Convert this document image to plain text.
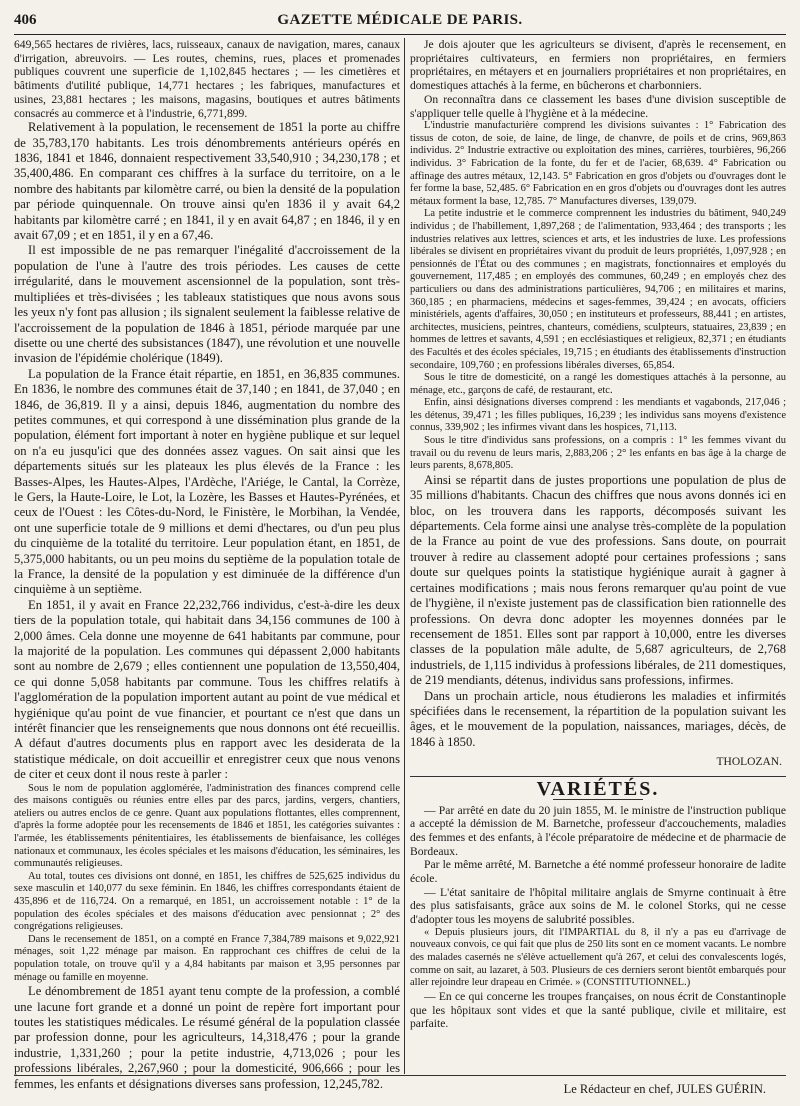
406	GAZETTE MÉDICALE DE PARIS.

649,565 hectares de rivières, lacs, ruisseaux, canaux de navigation, mares, canaux d'irrigation, abreuvoirs. — Les routes, chemins, rues, places et promenades publiques couvrent une superficie de 1,102,845 hectares ; — les cimetières et bâtiments d'utilité publique, 14,771 hectares ; les fabriques, manufactures et usines, 23,881 hectares ; les maisons, magasins, boutiques et autres bâtiments consacrés au commerce et à l'industrie, 6,771,899.

Relativement à la population, le recensement de 1851 la porte au chiffre de 35,783,170 habitants. Les trois dénombrements antérieurs opérés en 1836, 1841 et 1846, donnaient respectivement 33,540,910 ; 34,230,178 ; et 35,400,486. En comparant ces chiffres à la surface du territoire, on a le nombre des habitants par kilomètre carré, ou bien la densité de la population par période quinquennale. On trouve ainsi qu'en 1836 il y avait 64,2 habitants par kilomètre carré ; en 1841, il y en avait 64,87 ; en 1846, il y en avait 67,09 ; et en 1851, il y en a 67,46.

Il est impossible de ne pas remarquer l'inégalité d'accroissement de la population de l'une à l'autre des trois périodes. Les causes de cette irrégularité, dans le mouvement ascensionnel de la population, sont très-multipliées et très-divisées ; les tableaux statistiques que nous avons sous les yeux n'y font pas allusion ; ils signalent seulement la faiblesse relative de l'accroissement de la population de 1846 à 1851, période marquée par une disette ou une cherté des subsistances (1847), une révolution et une nouvelle invasion de l'épidémie cholérique (1849).

La population de la France était répartie, en 1851, en 36,835 communes. En 1836, le nombre des communes était de 37,140 ; en 1841, de 37,040 ; en 1846, de 36,819. Il y a ainsi, depuis 1846, augmentation du nombre des petites communes, et qui correspond à une dissémination plus grande de la population, élément fort important à noter en hygiène publique et sur lequel on n'a eu jusqu'ici que des données assez vagues. On sait ainsi que les départements situés sur les plateaux les plus élevés de la France : les Basses-Alpes, les Hautes-Alpes, l'Ardèche, l'Ariége, le Cantal, la Corrèze, le Gers, la Haute-Loire, le Lot, la Lozère, les Basses et Hautes-Pyrénées, et ceux de l'Ouest : les Côtes-du-Nord, le Finistère, le Morbihan, la Vendée, ont une superficie totale de 9 millions et demi d'hectares, ou d'un peu plus du cinquième de la totalité du territoire. Leur population étant, en 1851, de 5,375,000 habitants, ou un peu moins du septième de la population totale de la France, la densité de la population y est diminuée de la différence d'un cinquième à un septième.

En 1851, il y avait en France 22,232,766 individus, c'est-à-dire les deux tiers de la population totale, qui habitait dans 34,156 communes de 100 à 2,000 âmes. Cela donne une moyenne de 641 habitants par commune, pour la majorité de la population. Les communes qui dépassent 2,000 habitants sont au nombre de 2,679 ; elles contiennent une population de 13,550,404, ce qui donne 5,058 habitants par commune. Tous les chiffres relatifs à l'agglomération de la population importent autant au point de vue médical et hygiénique qu'au point de vue financier, et pourtant ce n'est que dans un intérêt financier que les renseignements que nous donnons ont été recueillis. A défaut d'autres documents plus en rapport avec les desiderata de la statistique médicale, on doit accueillir et enregistrer ceux que nous venons de citer et ceux dont il nous reste à parler :

Sous le nom de population agglomérée, l'administration des finances comprend celle des maisons contiguës ou réunies entre elles par des parcs, jardins, vergers, chantiers, ateliers ou autres enclos de ce genre. Quant aux populations flottantes, elles comprennent, d'après la forme adoptée pour les recensements de 1846 et 1851, les catégories suivantes : l'armée, les établissements pénitentiaires, les établissements de bienfaisance, les colléges nationaux et communaux, les écoles spéciales et les maisons d'éducation, les séminaires, les communautés religieuses.

Au total, toutes ces divisions ont donné, en 1851, les chiffres de 525,625 individus du sexe masculin et 140,077 du sexe féminin. En 1846, les chiffres correspondants étaient de 435,896 et de 116,724. On a remarqué, en 1851, un accroissement notable : 1° de la population des écoles spéciales et des maisons d'éducation avec pensionnat ; 2° des congrégations religieuses.

Dans le recensement de 1851, on a compté en France 7,384,789 maisons et 9,022,921 ménages, soit 1,22 ménage par maison. En rapprochant ces chiffres de celui de la population totale, on trouve qu'il y a 4,84 habitants par maison et 3,95 personnes par ménage ou famille en moyenne.

Le dénombrement de 1851 ayant tenu compte de la profession, a comblé une lacune fort grande et a donné un point de repère fort important pour toutes les statistiques médicales. Le résumé général de la population classée par profession donne, pour les agriculteurs, 14,318,476 ; pour la grande industrie, 1,331,260 ; pour la petite industrie, 4,713,026 ; pour les professions libérales, 2,267,960 ; pour la domesticité, 906,666 ; pour les femmes, les enfants et désignations diverses sans profession, 12,245,782.

Je dois ajouter que les agriculteurs se divisent, d'après le recensement, en propriétaires cultivateurs, en fermiers non propriétaires, en fermiers propriétaires, en métayers et en journaliers propriétaires et non propriétaires, en domestiques attachés à la ferme, en bûcherons et charbonniers.

On reconnaîtra dans ce classement les bases d'une division susceptible de s'appliquer telle quelle à l'hygiène et à la médecine.

L'industrie manufacturière comprend les divisions suivantes : 1° Fabrication des tissus de coton, de soie, de laine, de linge, de chanvre, de poils et de crins, 969,863 individus. 2° Industrie extractive ou exploitation des mines, carrières, tourbières, 96,266 individus. 3° Fabrication de la fonte, du fer et de l'acier, 68,639. 4° Fabrication ou affinage des autres métaux, 12,143. 5° Fabrication en gros d'objets ou d'ouvrages dont le fer forme la base, 52,485. 6° Fabrication en en gros d'objets ou d'ouvrages dont les autres métaux forment la base, 12,785. 7° Manufactures diverses, 139,079.

La petite industrie et le commerce comprennent les industries du bâtiment, 940,249 individus ; de l'habillement, 1,897,268 ; de l'alimentation, 933,464 ; des transports ; les industries relatives aux lettres, sciences et arts, et les industries de luxe. Les professions libérales se divisent en propriétaires vivant du produit de leurs propriétés, 1,097,928 ; en pensionnés de l'État ou des communes ; en magistrats, fonctionnaires et employés du gouvernement, 117,485 ; en employés des communes, 60,249 ; en employés chez des particuliers ou dans des administrations particulières, 94,706 ; en militaires et marins, 360,185 ; en pharmaciens, médecins et sages-femmes, 39,424 ; en avocats, officiers ministériels, agents d'affaires, 30,050 ; en instituteurs et professeurs, 88,441 ; en artistes, architectes, musiciens, peintres, chanteurs, comédiens, sculpteurs, statuaires, 23,839 ; en hommes de lettres et savants, 4,591 ; en ecclésiastiques et religieux, 82,371 ; en étudiants des Facultés et des écoles spéciales, 19,715 ; en étudiants des établissements d'instruction secondaire, 109,760 ; en professions libérales diverses, 65,854.

Sous le titre de domesticité, on a rangé les domestiques attachés à la personne, au ménage, etc., garçons de café, de restaurant, etc.

Enfin, ainsi désignations diverses comprend : les mendiants et vagabonds, 217,046 ; les détenus, 39,471 ; les filles publiques, 16,239 ; les individus sans moyens d'existence connus, 339,902 ; les infirmes vivant dans les hospices, 71,113.

Sous le titre d'individus sans professions, on a compris : 1° les femmes vivant du travail ou du revenu de leurs maris, 2,883,206 ; 2° les enfants en bas âge à la charge de leurs parents, 8,678,805.

Ainsi se répartit dans de justes proportions une population de plus de 35 millions d'habitants. Chacun des chiffres que nous avons donnés ici en bloc, on les trouvera dans les rapports, décomposés suivant les départements. Cela forme ainsi une analyse très-complète de la population de la France au point de vue des professions. Sans doute, on pourrait trouver à redire au classement adopté pour certaines professions ; sans doute sur quelques points la statistique hygiénique aurait à gagner à certaines modifications ; mais nous ferons remarquer qu'au point de vue de l'hygiène, il n'existe justement pas de classification bien rationnelle des professions. On devra donc adopter les moyennes données par le recensement de 1851. Elles sont par rapport à 10,000, entre les diverses classes de la population mâle adulte, de 5,687 agriculteurs, de 2,768 industriels, de 1,115 individus à professions libérales, de 211 domestiques, de 219 mendiants, détenus, individus sans professions, infirmes.

Dans un prochain article, nous étudierons les maladies et infirmités spécifiées dans le recensement, la répartition de la population suivant les âges, et le mouvement de la population, naissances, mariages, décès, de 1846 à 1850.

THOLOZAN.
VARIÉTÉS.

— Par arrêté en date du 20 juin 1855, M. le ministre de l'instruction publique a accepté la démission de M. Barnetche, professeur d'accouchements, maladies des femmes et des enfants, à l'école préparatoire de médecine et de pharmacie de Bordeaux.

Par le même arrêté, M. Barnetche a été nommé professeur honoraire de ladite école.

— L'état sanitaire de l'hôpital militaire anglais de Smyrne continuait à être des plus satisfaisants, grâce aux soins de M. le colonel Storks, qui ne cesse d'adopter tous les moyens de salubrité possibles.

« Depuis plusieurs jours, dit l'IMPARTIAL du 8, il n'y a pas eu d'arrivage de nouveaux convois, ce qui fait que plus de 250 lits sont en ce moment vacants. Le nombre des malades casernés ne s'élève actuellement qu'à 267, et celui des convalescents logés, comme on sait, au lazaret, à 503. Plusieurs de ces derniers seront bientôt embarqués pour aller rejoindre leur drapeau en Crimée. » (CONSTITUTIONNEL.)

— En ce qui concerne les troupes françaises, on nous écrit de Constantinople que les hôpitaux sont vides et que la santé publique, civile et militaire, est parfaite.

Le Rédacteur en chef, JULES GUÉRIN.
